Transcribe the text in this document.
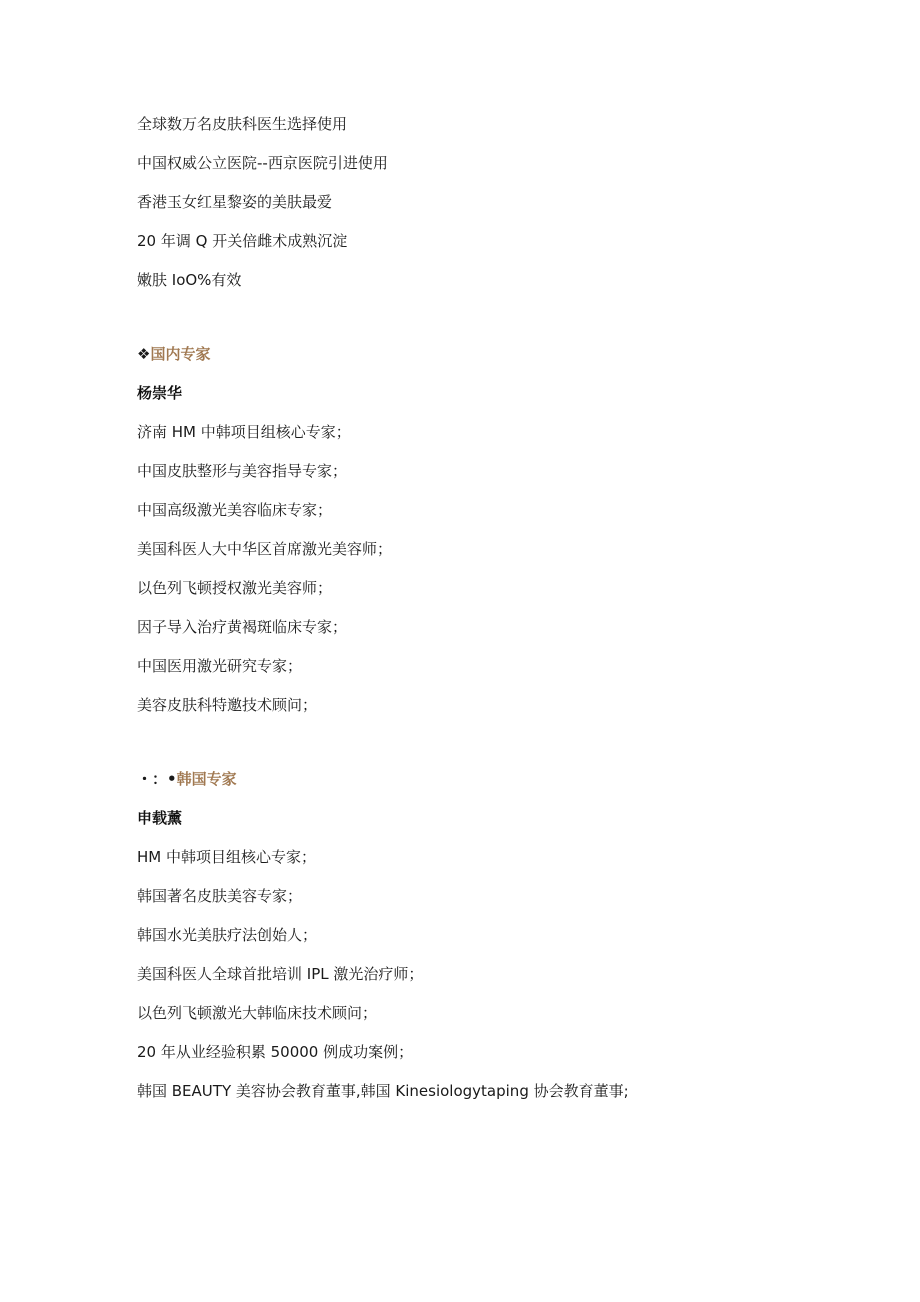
全球数万名皮肤科医生选择使用
中国权威公立医院--西京医院引进使用
香港玉女红星黎姿的美肤最爱
20 年调 Q 开关倍雌术成熟沉淀
嫩肤 IoO%有效
❖国内专家
杨崇华
济南 HM 中韩项目组核心专家；
中国皮肤整形与美容指导专家；
中国高级激光美容临床专家；
美国科医人大中华区首席激光美容师；
以色列飞顿授权激光美容师；
因子导入治疗黄褐斑临床专家；
中国医用激光研究专家；
美容皮肤科特邀技术顾问；
・：•韩国专家
申载薰
HM 中韩项目组核心专家；
韩国著名皮肤美容专家；
韩国水光美肤疗法创始人；
美国科医人全球首批培训 IPL 激光治疗师；
以色列飞顿激光大韩临床技术顾问；
20 年从业经验积累 50000 例成功案例；
韩国 BEAUTY 美容协会教育董事,韩国 Kinesiologytaping 协会教育董事;
